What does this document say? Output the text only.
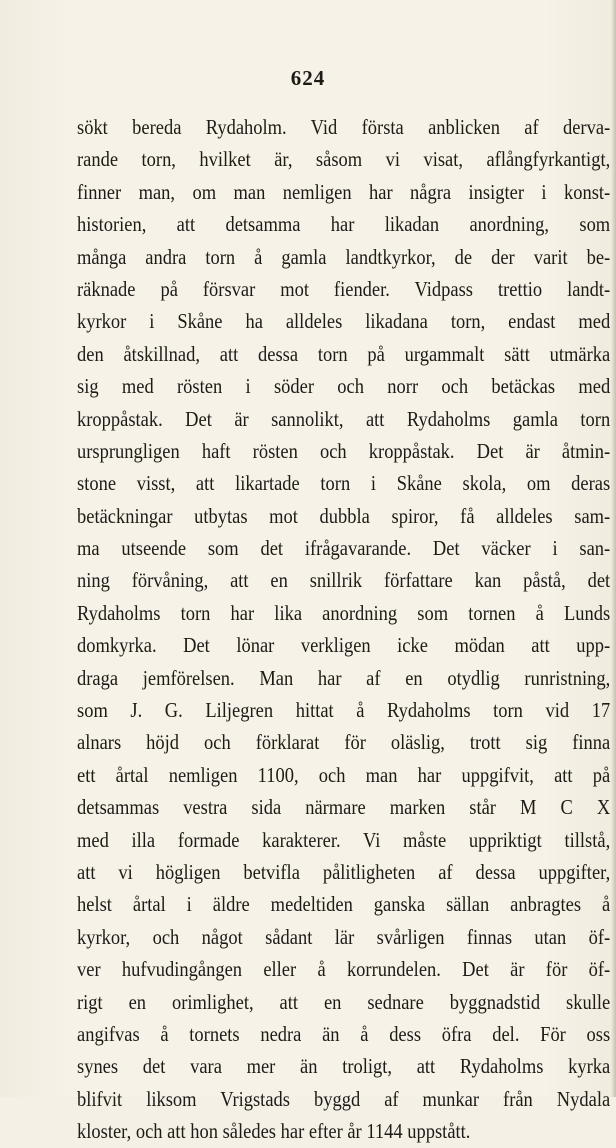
624
sökt bereda Rydaholm. Vid första anblicken af derva-
rande torn, hvilket är, såsom vi visat, aflångfyrkantigt,
finner man, om man nemligen har några insigter i konst-
historien, att detsamma har likadan anordning, som
många andra torn å gamla landtkyrkor, de der varit be-
räknade på försvar mot fiender. Vidpass trettio landt-
kyrkor i Skåne ha alldeles likadana torn, endast med
den åtskillnad, att dessa torn på urgammalt sätt utmärka
sig med rösten i söder och norr och betäckas med
kroppåstak. Det är sannolikt, att Rydaholms gamla torn
ursprungligen haft rösten och kroppåstak. Det är åtmin-
stone visst, att likartade torn i Skåne skola, om deras
betäckningar utbytas mot dubbla spiror, få alldeles sam-
ma utseende som det ifrågavarande. Det väcker i san-
ning förvåning, att en snillrik författare kan påstå, det
Rydaholms torn har lika anordning som tornen å Lunds
domkyrka. Det lönar verkligen icke mödan att upp-
draga jemförelsen. Man har af en otydlig runristning,
som J. G. Liljegren hittat å Rydaholms torn vid 17
alnars höjd och förklarat för oläslig, trott sig finna
ett årtal nemligen 1100, och man har uppgifvit, att på
detsammas vestra sida närmare marken står M C X
med illa formade karakterer. Vi måste uppriktigt tillstå,
att vi högligen betvifla pålitligheten af dessa uppgifter,
helst årtal i äldre medeltiden ganska sällan anbragtes å
kyrkor, och något sådant lär svårligen finnas utan öf-
ver hufvudingången eller å korrundelen. Det är för öf-
rigt en orimlighet, att en sednare byggnadstid skulle
angifvas å tornets nedra än å dess öfra del. För oss
synes det vara mer än troligt, att Rydaholms kyrka
blifvit liksom Vrigstads byggd af munkar från Nydala
kloster, och att hon således har efter år 1144 uppstått.
